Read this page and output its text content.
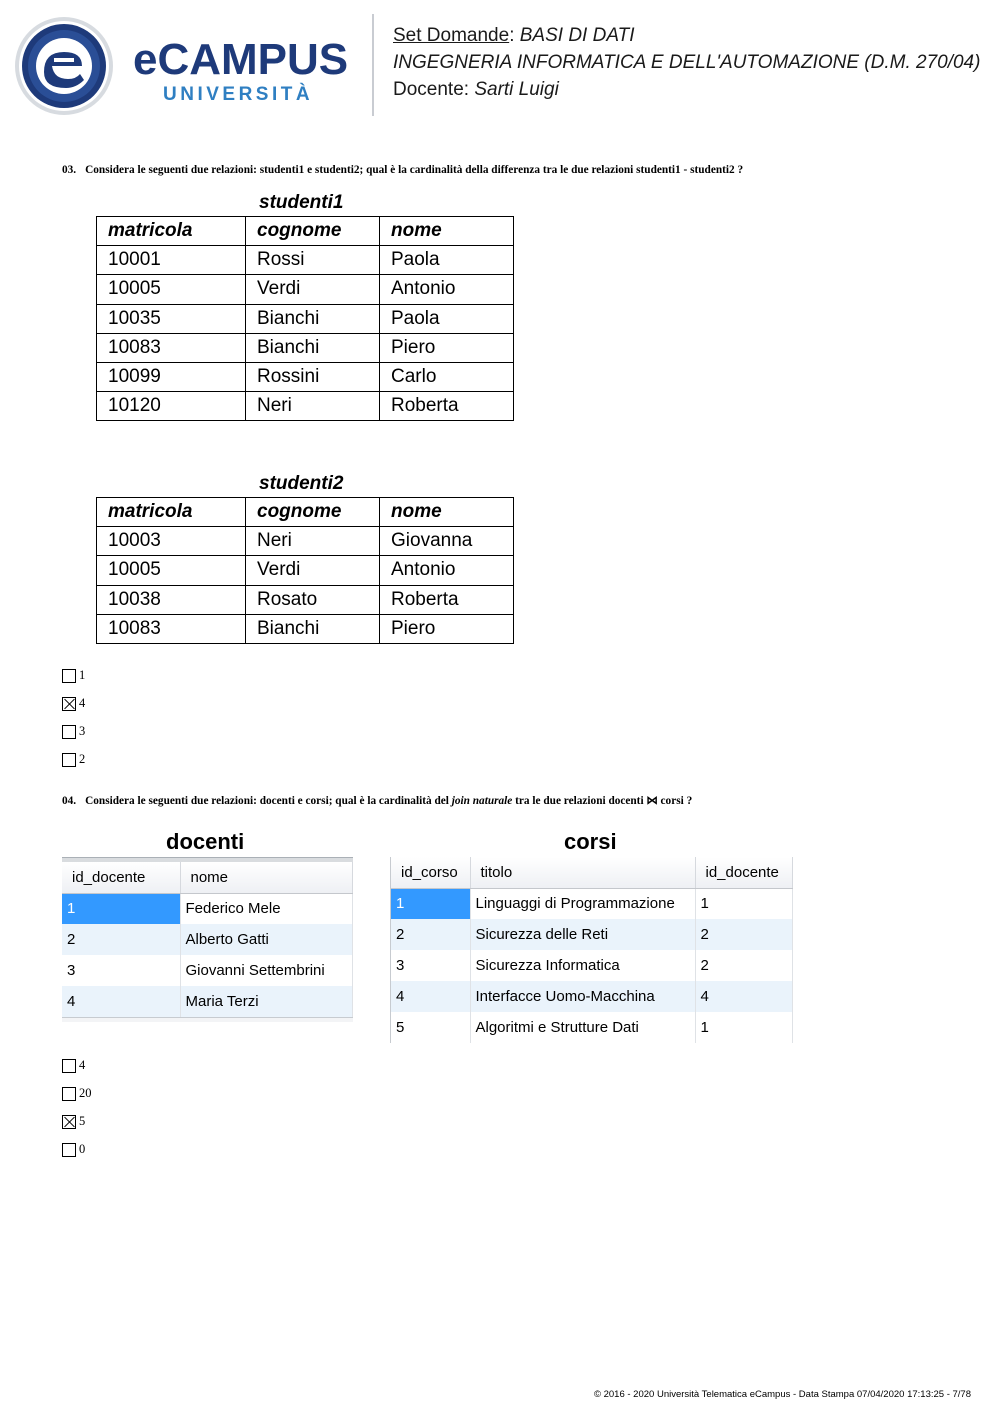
eCAMPUS
UNIVERSITÀ
Set Domande: BASI DI DATI
INGEGNERIA INFORMATICA E DELL'AUTOMAZIONE (D.M. 270/04)
Docente: Sarti Luigi
03. Considera le seguenti due relazioni: studenti1 e studenti2; qual è la cardinalità della differenza tra le due relazioni studenti1 - studenti2 ?
studenti1
matricola	cognome	nome
10001	Rossi	Paola
10005	Verdi	Antonio
10035	Bianchi	Paola
10083	Bianchi	Piero
10099	Rossini	Carlo
10120	Neri	Roberta
studenti2
matricola	cognome	nome
10003	Neri	Giovanna
10005	Verdi	Antonio
10038	Rosato	Roberta
10083	Bianchi	Piero
1
4
3
2
04. Considera le seguenti due relazioni: docenti e corsi; qual è la cardinalità del join naturale tra le due relazioni docenti ⋈ corsi ?
docenti
id_docente	nome
1	Federico Mele
2	Alberto Gatti
3	Giovanni Settembrini
4	Maria Terzi
corsi
id_corso	titolo	id_docente
1	Linguaggi di Programmazione	1
2	Sicurezza delle Reti	2
3	Sicurezza Informatica	2
4	Interfacce Uomo-Macchina	4
5	Algoritmi e Strutture Dati	1
4
20
5
0
© 2016 - 2020 Università Telematica eCampus - Data Stampa 07/04/2020 17:13:25 - 7/78
